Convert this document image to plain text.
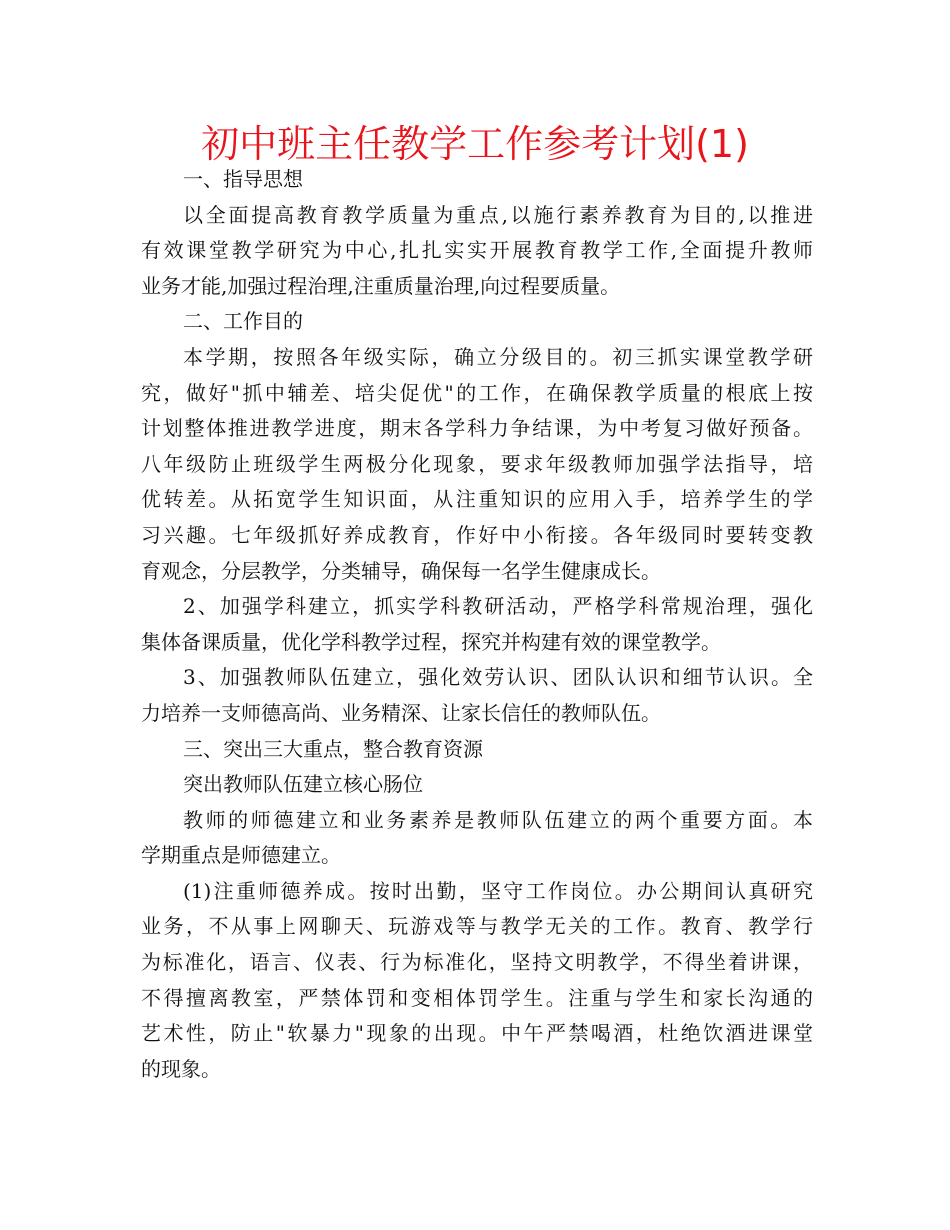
初中班主任教学工作参考计划(1)
一、指导思想
以全面提高教育教学质量为重点,以施行素养教育为目的,以推进
有效课堂教学研究为中心,扎扎实实开展教育教学工作,全面提升教师
业务才能,加强过程治理,注重质量治理,向过程要质量。
二、工作目的
本学期，按照各年级实际，确立分级目的。初三抓实课堂教学研
究，做好"抓中辅差、培尖促优"的工作，在确保教学质量的根底上按
计划整体推进教学进度，期末各学科力争结课，为中考复习做好预备。
八年级防止班级学生两极分化现象，要求年级教师加强学法指导，培
优转差。从拓宽学生知识面，从注重知识的应用入手，培养学生的学
习兴趣。七年级抓好养成教育，作好中小衔接。各年级同时要转变教
育观念，分层教学，分类辅导，确保每一名学生健康成长。
2、加强学科建立，抓实学科教研活动，严格学科常规治理，强化
集体备课质量，优化学科教学过程，探究并构建有效的课堂教学。
3、加强教师队伍建立，强化效劳认识、团队认识和细节认识。全
力培养一支师德高尚、业务精深、让家长信任的教师队伍。
三、突出三大重点，整合教育资源
突出教师队伍建立核心肠位
教师的师德建立和业务素养是教师队伍建立的两个重要方面。本
学期重点是师德建立。
(1)注重师德养成。按时出勤，坚守工作岗位。办公期间认真研究
业务，不从事上网聊天、玩游戏等与教学无关的工作。教育、教学行
为标准化，语言、仪表、行为标准化，坚持文明教学，不得坐着讲课，
不得擅离教室，严禁体罚和变相体罚学生。注重与学生和家长沟通的
艺术性，防止"软暴力"现象的出现。中午严禁喝酒，杜绝饮酒进课堂
的现象。
